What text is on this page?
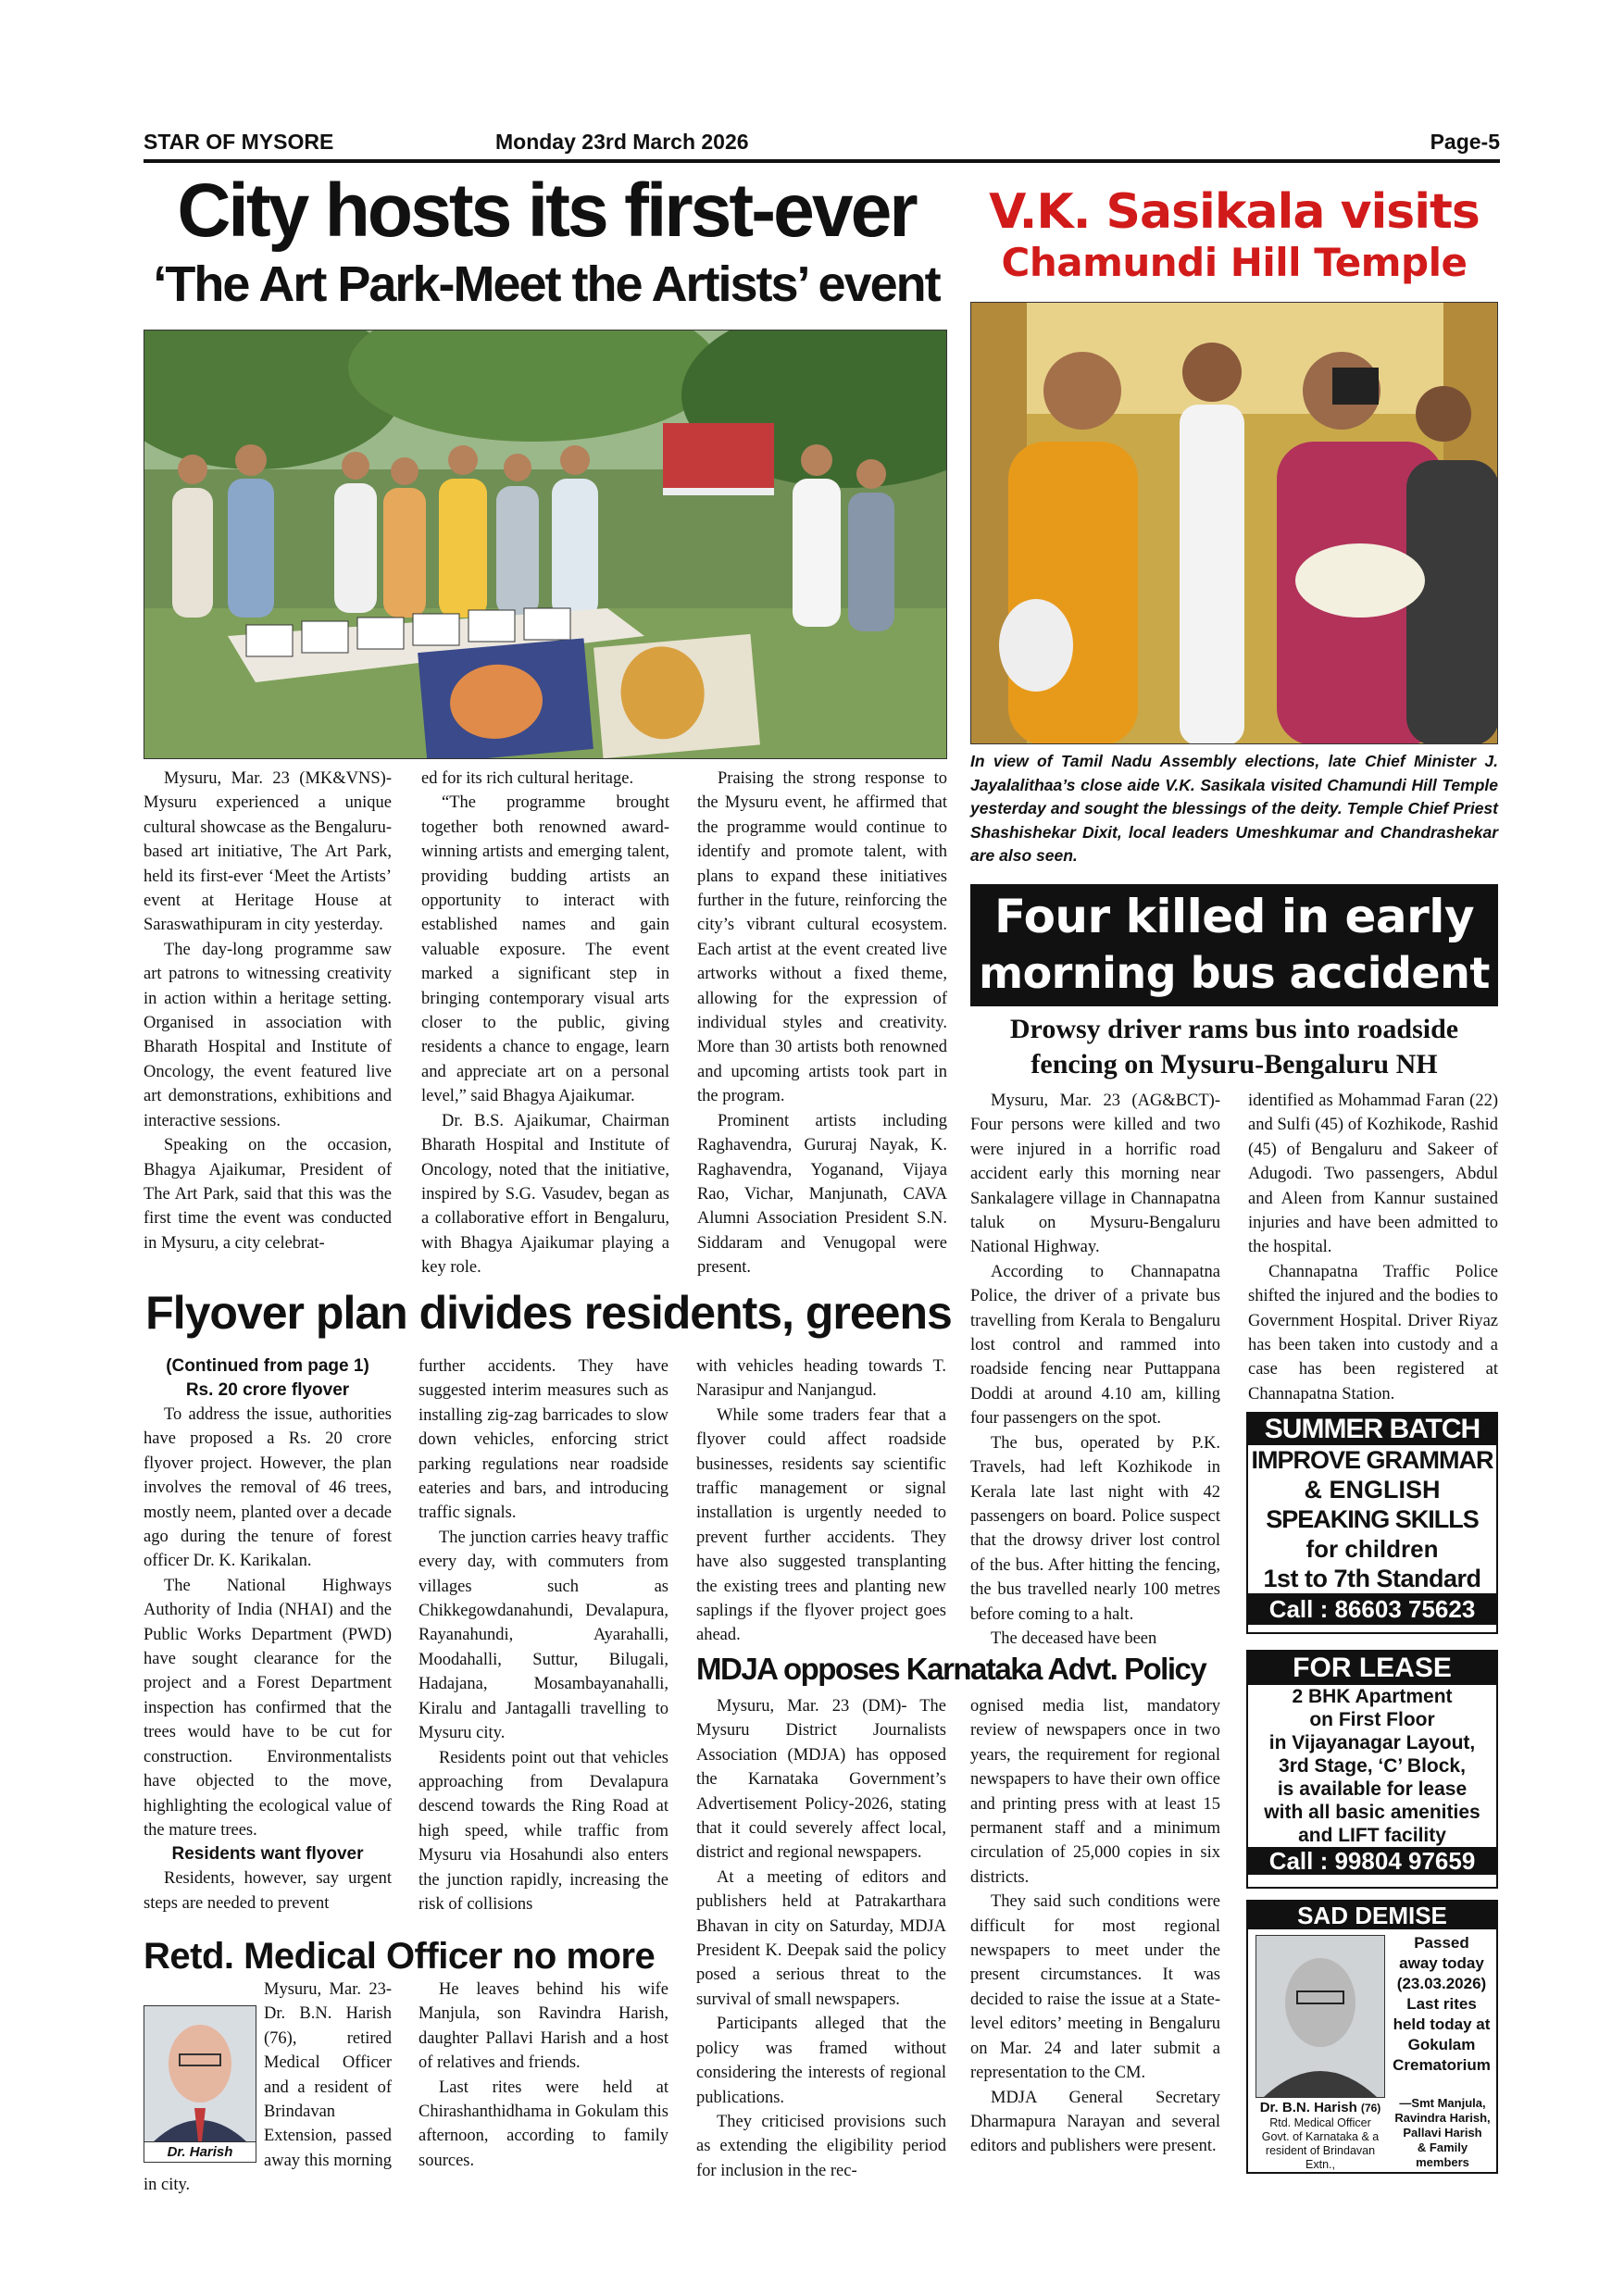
STAR OF MYSORE	Monday 23rd March 2026	Page-5
City hosts its first-ever
‘The Art Park-Meet the Artists’ event

Mysuru, Mar. 23 (MK&VNS)- Mysuru experienced a unique cultural showcase as the Bengaluru-based art initiative, The Art Park, held its first-ever ‘Meet the Artists’ event at Heritage House at Saraswathipuram in city yesterday.

The day-long programme saw art patrons to witnessing creativity in action within a heritage setting. Organised in association with Bharath Hospital and Institute of Oncology, the event featured live art demonstrations, exhibitions and interactive sessions.

Speaking on the occasion, Bhagya Ajaikumar, President of The Art Park, said that this was the first time the event was conducted in Mysuru, a city celebrat-

ed for its rich cultural heritage.

“The programme brought together both renowned award-winning artists and emerging talent, providing budding artists an opportunity to interact with established names and gain valuable exposure. The event marked a significant step in bringing contemporary visual arts closer to the public, giving residents a chance to engage, learn and appreciate art on a personal level,” said Bhagya Ajaikumar.

Dr. B.S. Ajaikumar, Chairman Bharath Hospital and Institute of Oncology, noted that the initiative, inspired by S.G. Vasudev, began as a collaborative effort in Bengaluru, with Bhagya Ajaikumar playing a key role.

Praising the strong response to the Mysuru event, he affirmed that the programme would continue to identify and promote talent, with plans to expand these initiatives further in the future, reinforcing the city’s vibrant cultural ecosystem. Each artist at the event created live artworks without a fixed theme, allowing for the expression of individual styles and creativity. More than 30 artists both renowned and upcoming artists took part in the program.

Prominent artists including Raghavendra, Gururaj Nayak, K. Raghavendra, Yoganand, Vijaya Rao, Vichar, Manjunath, CAVA Alumni Association President S.N. Siddaram and Venugopal were present.

V.K. Sasikala visits
Chamundi Hill Temple
In view of Tamil Nadu Assembly elections, late Chief Minister J. Jayalalithaa’s close aide V.K. Sasikala visited Chamundi Hill Temple yesterday and sought the blessings of the deity. Temple Chief Priest Shashishekar Dixit, local leaders Umeshkumar and Chandrashekar are also seen.
Four killed in early
morning bus accident
Drowsy driver rams bus into roadside
fencing on Mysuru-Bengaluru NH

Mysuru, Mar. 23 (AG&BCT)- Four persons were killed and two were injured in a horrific road accident early this morning near Sankalagere village in Channapatna taluk on Mysuru-Bengaluru National Highway.

According to Channapatna Police, the driver of a private bus travelling from Kerala to Bengaluru lost control and rammed into roadside fencing near Puttappana Doddi at around 4.10 am, killing four passengers on the spot.

The bus, operated by P.K. Travels, had left Kozhikode in Kerala late last night with 42 passengers on board. Police suspect that the drowsy driver lost control of the bus. After hitting the fencing, the bus travelled nearly 100 metres before coming to a halt.

The deceased have been

identified as Mohammad Faran (22) and Sulfi (45) of Kozhikode, Rashid (45) of Bengaluru and Sakeer of Adugodi. Two passengers, Abdul and Aleen from Kannur sustained injuries and have been admitted to the hospital.

Channapatna Traffic Police shifted the injured and the bodies to Government Hospital. Driver Riyaz has been taken into custody and a case has been registered at Channapatna Station.

Flyover plan divides residents, greens
(Continued from page 1)
Rs. 20 crore flyover

To address the issue, authorities have proposed a Rs. 20 crore flyover project. However, the plan involves the removal of 46 trees, mostly neem, planted over a decade ago during the tenure of forest officer Dr. K. Karikalan.

The National Highways Authority of India (NHAI) and the Public Works Department (PWD) have sought clearance for the project and a Forest Department inspection has confirmed that the trees would have to be cut for construction. Environmentalists have objected to the move, highlighting the ecological value of the mature trees.

Residents want flyover

Residents, however, say urgent steps are needed to prevent

further accidents. They have suggested interim measures such as installing zig-zag barricades to slow down vehicles, enforcing strict parking regulations near roadside eateries and bars, and introducing traffic signals.

The junction carries heavy traffic every day, with commuters from villages such as Chikkegowdanahundi, Devalapura, Rayanahundi, Ayarahalli, Moodahalli, Suttur, Bilugali, Hadajana, Mosambayanahalli, Kiralu and Jantagalli travelling to Mysuru city.

Residents point out that vehicles approaching from Devalapura descend towards the Ring Road at high speed, while traffic from Mysuru via Hosahundi also enters the junction rapidly, increasing the risk of collisions

with vehicles heading towards T. Narasipur and Nanjangud.

While some traders fear that a flyover could affect roadside businesses, residents say scientific traffic management or signal installation is urgently needed to prevent further accidents. They have also suggested transplanting the existing trees and planting new saplings if the flyover project goes ahead.

MDJA opposes Karnataka Advt. Policy

Mysuru, Mar. 23 (DM)- The Mysuru District Journalists Association (MDJA) has opposed the Karnataka Government’s Advertisement Policy-2026, stating that it could severely affect local, district and regional newspapers.

At a meeting of editors and publishers held at Patrakarthara Bhavan in city on Saturday, MDJA President K. Deepak said the policy posed a serious threat to the survival of small newspapers.

Participants alleged that the policy was framed without considering the interests of regional publications.

They criticised provisions such as extending the eligibility period for inclusion in the rec-

ognised media list, mandatory review of newspapers once in two years, the requirement for regional newspapers to have their own office and printing press with at least 15 permanent staff and a minimum circulation of 25,000 copies in six districts.

They said such conditions were difficult for most regional newspapers to meet under the present circumstances. It was decided to raise the issue at a State-level editors’ meeting in Bengaluru on Mar. 24 and later submit a representation to the CM.

MDJA General Secretary Dharmapura Narayan and several editors and publishers were present.

Retd. Medical Officer no more
Dr. Harish

Mysuru, Mar. 23- Dr. B.N. Harish (76), retired Medical Officer and a resident of Brindavan Extension, passed away this morning in city.

He leaves behind his wife Manjula, son Ravindra Harish, daughter Pallavi Harish and a host of relatives and friends.

Last rites were held at Chirashanthidhama in Gokulam this afternoon, according to family sources.

SUMMER BATCH
IMPROVE GRAMMAR
& ENGLISH
SPEAKING SKILLS
for children
1st to 7th Standard
Call : 86603 75623
FOR LEASE
2 BHK Apartment
on First Floor
in Vijayanagar Layout,
3rd Stage, ‘C’ Block,
is available for lease
with all basic amenities
and LIFT facility
Call : 99804 97659
SAD DEMISE
Passed
away today
(23.03.2026)
Last rites
held today at
Gokulam
Crematorium
Dr. B.N. Harish (76)
Rtd. Medical Officer
Govt. of Karnataka & a
resident of Brindavan Extn.,
—Smt Manjula,
Ravindra Harish,
Pallavi Harish
& Family
members
